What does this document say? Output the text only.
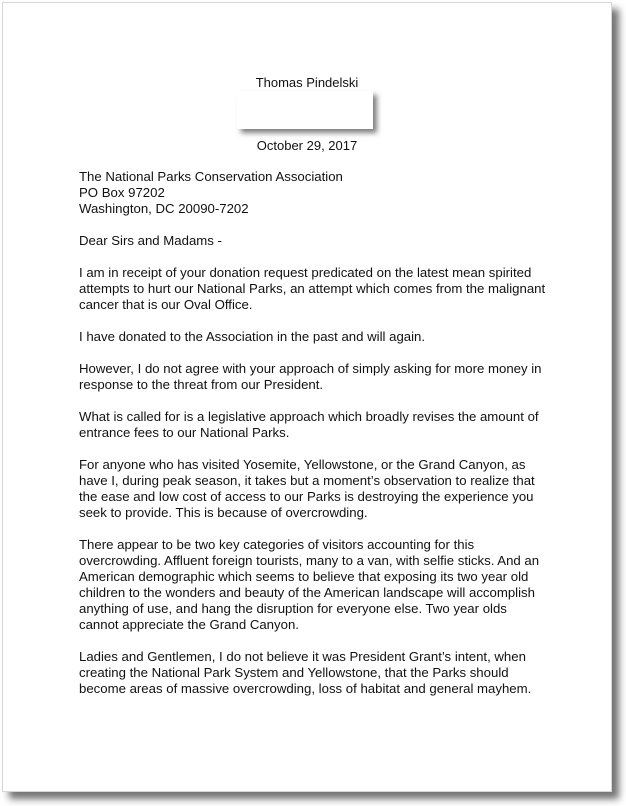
Thomas Pindelski
October 29, 2017
The National Parks Conservation Association
PO Box 97202
Washington, DC 20090-7202
Dear Sirs and Madams -

I am in receipt of your donation request predicated on the latest mean spirited attempts to hurt our National Parks, an attempt which comes from the malignant cancer that is our Oval Office.

I have donated to the Association in the past and will again.

However, I do not agree with your approach of simply asking for more money in response to the threat from our President.

What is called for is a legislative approach which broadly revises the amount of entrance fees to our National Parks.

For anyone who has visited Yosemite, Yellowstone, or the Grand Canyon, as have I, during peak season, it takes but a moment’s observation to realize that the ease and low cost of access to our Parks is destroying the experience you seek to provide. This is because of overcrowding.

There appear to be two key categories of visitors accounting for this overcrowding. Affluent foreign tourists, many to a van, with selfie sticks. And an American demographic which seems to believe that exposing its two year old children to the wonders and beauty of the American landscape will accomplish anything of use, and hang the disruption for everyone else. Two year olds cannot appreciate the Grand Canyon.

Ladies and Gentlemen, I do not believe it was President Grant’s intent, when creating the National Park System and Yellowstone, that the Parks should become areas of massive overcrowding, loss of habitat and general mayhem.
